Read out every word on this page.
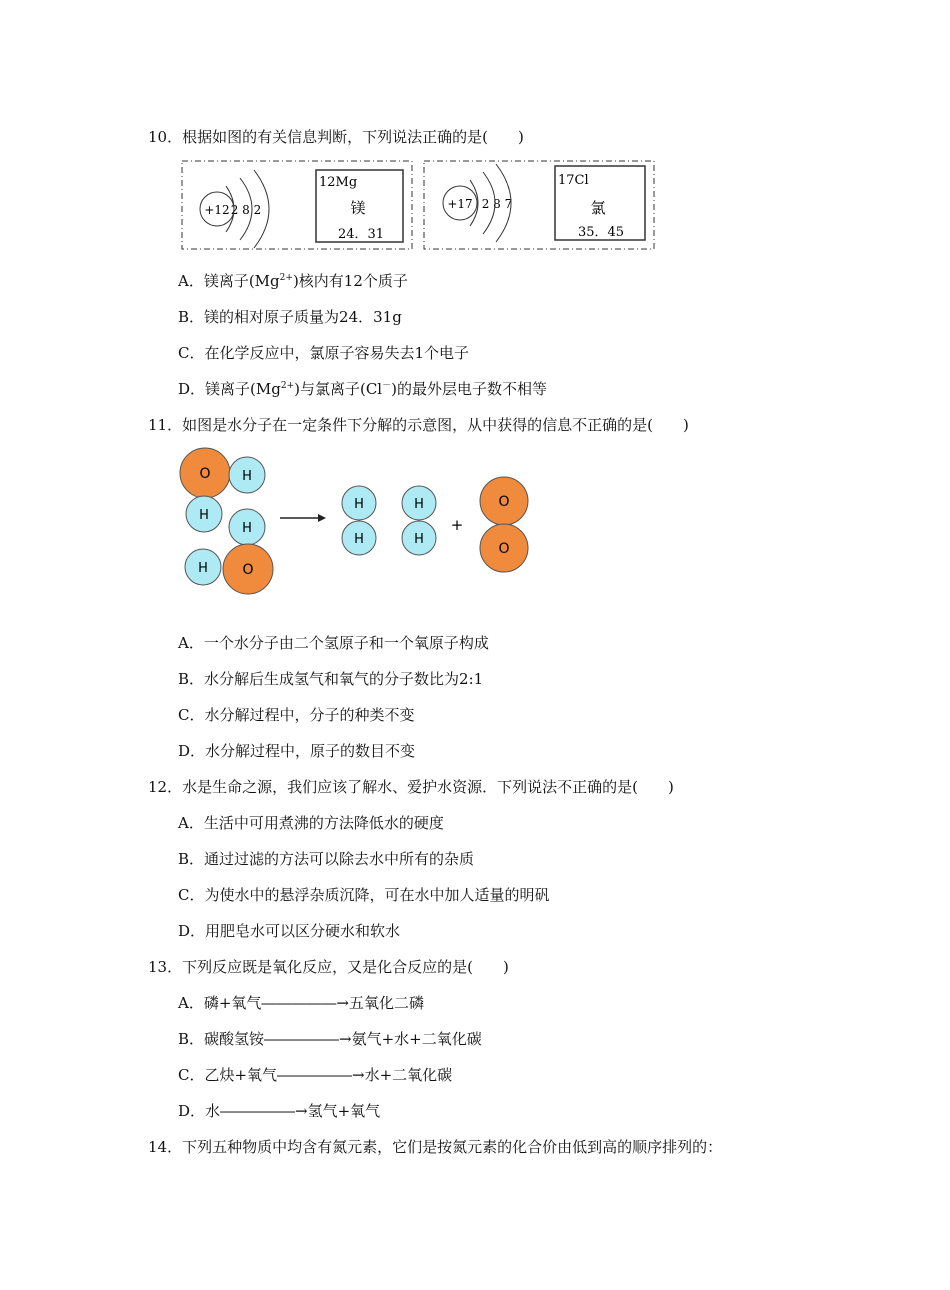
10．根据如图的有关信息判断，下列说法正确的是(　　)
+12 2 8 2
12Mg
镁
24．31
+17 2 8 7
17Cl
氯
35．45
A．镁离子$(Mg^{2+})$核内有12个质子
B．镁的相对原子质量为24．31g
C．在化学反应中，氯原子容易失去1个电子
D．镁离子$(Mg^{2+})$与氯离子(Cl－)的最外层电子数不相等
11．如图是水分子在一定条件下分解的示意图，从中获得的信息不正确的是(　　)
O H
H
H
H O
H
H
H
H
+
O
O
A．一个水分子由二个氢原子和一个氧原子构成
B．水分解后生成氢气和氧气的分子数比为2:1
C．水分解过程中，分子的种类不变
D．水分解过程中，原子的数目不变
12．水是生命之源，我们应该了解水、爱护水资源．下列说法不正确的是(　　)
A．生活中可用煮沸的方法降低水的硬度
B．通过过滤的方法可以除去水中所有的杂质
C．为使水中的悬浮杂质沉降，可在水中加人适量的明矾
D．用肥皂水可以区分硬水和软水
13．下列反应既是氧化反应，又是化合反应的是(　　)
A．磷+氧气―――――→五氧化二磷
B．碳酸氢铵―――――→氨气+水+二氧化碳
C．乙炔+氧气―――――→水+二氧化碳
D．水―――――→氢气+氧气
14．下列五种物质中均含有氮元素，它们是按氮元素的化合价由低到高的顺序排列的：
